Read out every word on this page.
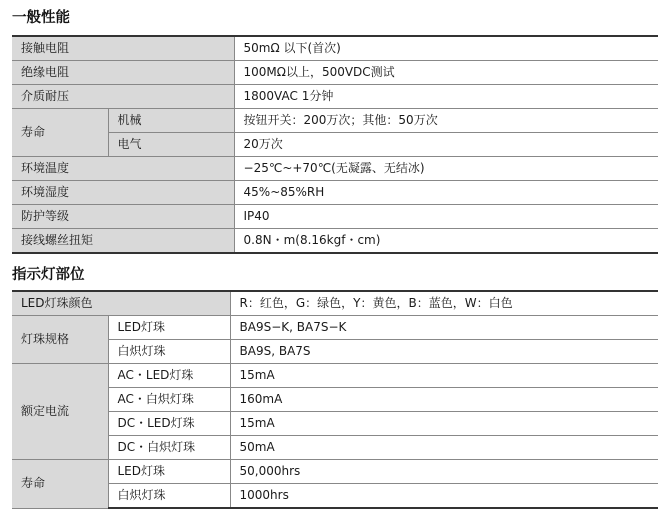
一般性能
接触电阻		50mΩ 以下(首次)
绝缘电阻		100MΩ以上，500VDC测试
介质耐压		1800VAC 1分钟
寿命	机械	按钮开关：200万次；其他：50万次
	电气	20万次
环境温度		−25℃~+70℃(无凝露、无结冰)
环境湿度		45%~85%RH
防护等级		IP40
接线螺丝扭矩		0.8N・m(8.16kgf・cm)
指示灯部位
LED灯珠颜色		R：红色，G：绿色，Y：黄色，B：蓝色，W：白色
灯珠规格	LED灯珠	BA9S−K, BA7S−K
	白炽灯珠	BA9S, BA7S
额定电流	AC・LED灯珠	15mA
	AC・白炽灯珠	160mA
	DC・LED灯珠	15mA
	DC・白炽灯珠	50mA
寿命	LED灯珠	50,000hrs
	白炽灯珠	1000hrs
